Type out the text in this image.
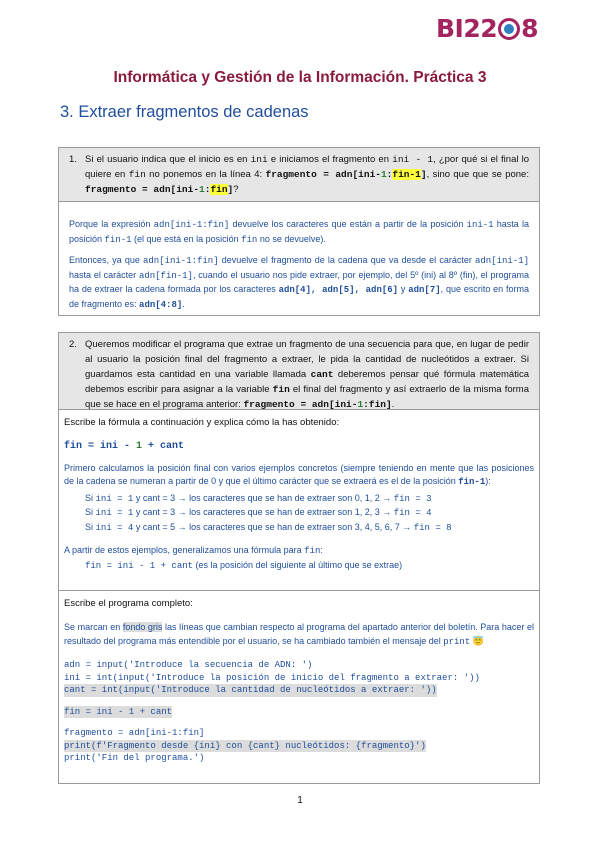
BI22 8
Informática y Gestión de la Información. Práctica 3
3. Extraer fragmentos de cadenas
1. Si el usuario indica que el inicio es en ini e iniciamos el fragmento en ini - 1, ¿por qué si el final lo quiere en fin no ponemos en la línea 4: fragmento = adn[ini-1:fin-1], sino que que se pone: fragmento = adn[ini-1:fin]?

Porque la expresión adn[ini-1:fin] devuelve los caracteres que están a partir de la posición ini-1 hasta la posición fin-1 (el que está en la posición fin no se devuelve).

Entonces, ya que adn[ini-1:fin] devuelve el fragmento de la cadena que va desde el carácter adn[ini-1] hasta el carácter adn[fin-1], cuando el usuario nos pide extraer, por ejemplo, del 5º (ini) al 8º (fin), el programa ha de extraer la cadena formada por los caracteres adn[4], adn[5], adn[6] y adn[7], que escrito en forma de fragmento es: adn[4:8].

2. Queremos modificar el programa que extrae un fragmento de una secuencia para que, en lugar de pedir al usuario la posición final del fragmento a extraer, le pida la cantidad de nucleótidos a extraer. Si guardamos esta cantidad en una variable llamada cant deberemos pensar qué fórmula matemática debemos escribir para asignar a la variable fin el final del fragmento y así extraerlo de la misma forma que se hace en el programa anterior: fragmento = adn[ini-1:fin].
Escribe la fórmula a continuación y explica cómo la has obtenido:
fin = ini - 1 + cant

Primero calculamos la posición final con varios ejemplos concretos (siempre teniendo en mente que las posiciones de la cadena se numeran a partir de 0 y que el último carácter que se extraerá es el de la posición fin-1):

Si ini = 1 y cant = 3 → los caracteres que se han de extraer son 0, 1, 2 → fin = 3
Si ini = 1 y cant = 3 → los caracteres que se han de extraer son 1, 2, 3 → fin = 4
Si ini = 4 y cant = 5 → los caracteres que se han de extraer son 3, 4, 5, 6, 7 → fin = 8

A partir de estos ejemplos, generalizamos una fórmula para fin:

fin = ini - 1 + cant (es la posición del siguiente al último que se extrae)
Escribe el programa completo:
Se marcan en fondo gris las líneas que cambian respecto al programa del apartado anterior del boletín. Para hacer el resultado del programa más entendible por el usuario, se ha cambiado también el mensaje del print 😇
adn = input('Introduce la secuencia de ADN: ')
ini = int(input('Introduce la posición de inicio del fragmento a extraer: '))
cant = int(input('Introduce la cantidad de nucleótidos a extraer: '))
fin = ini - 1 + cant
fragmento = adn[ini-1:fin]
print(f'Fragmento desde {ini} con {cant} nucleótidos: {fragmento}')
print('Fin del programa.')
1
